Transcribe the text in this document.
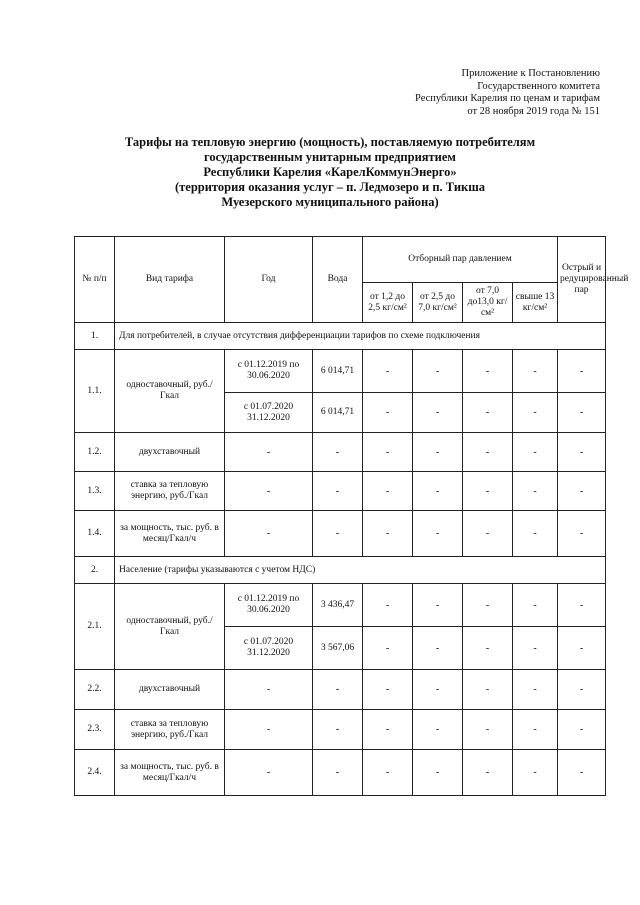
Приложение к Постановлению
Государственного комитета
Республики Карелия по ценам и тарифам
от 28 ноября 2019 года № 151
Тарифы на тепловую энергию (мощность), поставляемую потребителям
государственным унитарным предприятием
Республики Карелия «КарелКоммунЭнерго»
(территория оказания услуг – п. Ледмозеро и п. Тикша
Муезерского муниципального района)
№ п/п	Вид тарифа	Год	Вода	Отборный пар давлением				Острый и редуцированный пар
				от 1,2 до 2,5 кг/см²	от 2,5 до 7,0 кг/см²	от 7,0 до13,0 кг/см²	свыше 13 кг/см²	
1.	Для потребителей, в случае отсутствия дифференциации тарифов по схеме подключения							
1.1.	одноставочный, руб./Гкал	с 01.12.2019 по 30.06.2020	6 014,71	-	-	-	-	-
		с 01.07.2020 31.12.2020	6 014,71	-	-	-	-	-
1.2.	двухставочный	-	-	-	-	-	-	-
1.3.	ставка за тепловую энергию, руб./Гкал	-	-	-	-	-	-	-
1.4.	за мощность, тыс. руб. в месяц/Гкал/ч	-	-	-	-	-	-	-
2.	Население (тарифы указываются с учетом НДС)							
2.1.	одноставочный, руб./Гкал	с 01.12.2019 по 30.06.2020	3 436,47	-	-	-	-	-
		с 01.07.2020 31.12.2020	3 567,06	-	-	-	-	-
2.2.	двухставочный	-	-	-	-	-	-	-
2.3.	ставка за тепловую энергию, руб./Гкал	-	-	-	-	-	-	-
2.4.	за мощность, тыс. руб. в месяц/Гкал/ч	-	-	-	-	-	-	-
